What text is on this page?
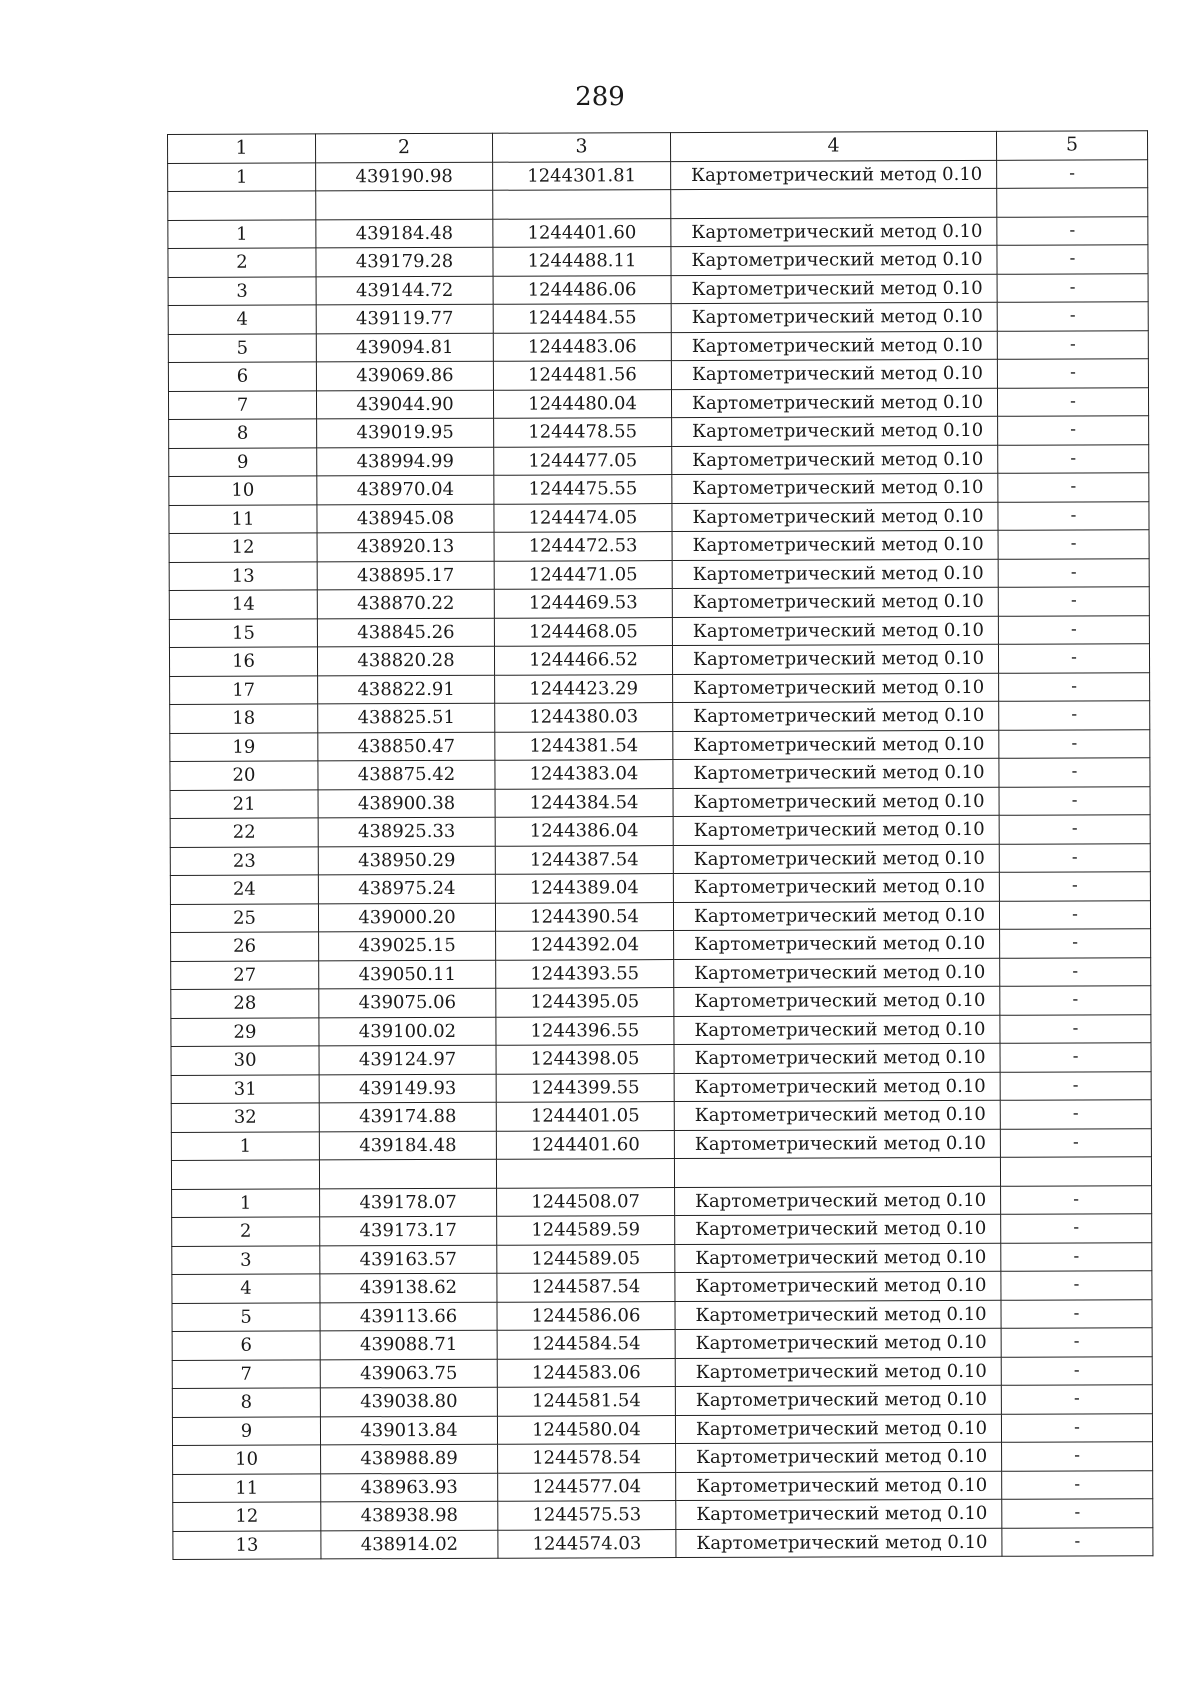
289
1	2	3	4	5
1	439190.98	1244301.81	Картометрический метод 0.10	-

1	439184.48	1244401.60	Картометрический метод 0.10	-
2	439179.28	1244488.11	Картометрический метод 0.10	-
3	439144.72	1244486.06	Картометрический метод 0.10	-
4	439119.77	1244484.55	Картометрический метод 0.10	-
5	439094.81	1244483.06	Картометрический метод 0.10	-
6	439069.86	1244481.56	Картометрический метод 0.10	-
7	439044.90	1244480.04	Картометрический метод 0.10	-
8	439019.95	1244478.55	Картометрический метод 0.10	-
9	438994.99	1244477.05	Картометрический метод 0.10	-
10	438970.04	1244475.55	Картометрический метод 0.10	-
11	438945.08	1244474.05	Картометрический метод 0.10	-
12	438920.13	1244472.53	Картометрический метод 0.10	-
13	438895.17	1244471.05	Картометрический метод 0.10	-
14	438870.22	1244469.53	Картометрический метод 0.10	-
15	438845.26	1244468.05	Картометрический метод 0.10	-
16	438820.28	1244466.52	Картометрический метод 0.10	-
17	438822.91	1244423.29	Картометрический метод 0.10	-
18	438825.51	1244380.03	Картометрический метод 0.10	-
19	438850.47	1244381.54	Картометрический метод 0.10	-
20	438875.42	1244383.04	Картометрический метод 0.10	-
21	438900.38	1244384.54	Картометрический метод 0.10	-
22	438925.33	1244386.04	Картометрический метод 0.10	-
23	438950.29	1244387.54	Картометрический метод 0.10	-
24	438975.24	1244389.04	Картометрический метод 0.10	-
25	439000.20	1244390.54	Картометрический метод 0.10	-
26	439025.15	1244392.04	Картометрический метод 0.10	-
27	439050.11	1244393.55	Картометрический метод 0.10	-
28	439075.06	1244395.05	Картометрический метод 0.10	-
29	439100.02	1244396.55	Картометрический метод 0.10	-
30	439124.97	1244398.05	Картометрический метод 0.10	-
31	439149.93	1244399.55	Картометрический метод 0.10	-
32	439174.88	1244401.05	Картометрический метод 0.10	-
1	439184.48	1244401.60	Картометрический метод 0.10	-

1	439178.07	1244508.07	Картометрический метод 0.10	-
2	439173.17	1244589.59	Картометрический метод 0.10	-
3	439163.57	1244589.05	Картометрический метод 0.10	-
4	439138.62	1244587.54	Картометрический метод 0.10	-
5	439113.66	1244586.06	Картометрический метод 0.10	-
6	439088.71	1244584.54	Картометрический метод 0.10	-
7	439063.75	1244583.06	Картометрический метод 0.10	-
8	439038.80	1244581.54	Картометрический метод 0.10	-
9	439013.84	1244580.04	Картометрический метод 0.10	-
10	438988.89	1244578.54	Картометрический метод 0.10	-
11	438963.93	1244577.04	Картометрический метод 0.10	-
12	438938.98	1244575.53	Картометрический метод 0.10	-
13	438914.02	1244574.03	Картометрический метод 0.10	-
